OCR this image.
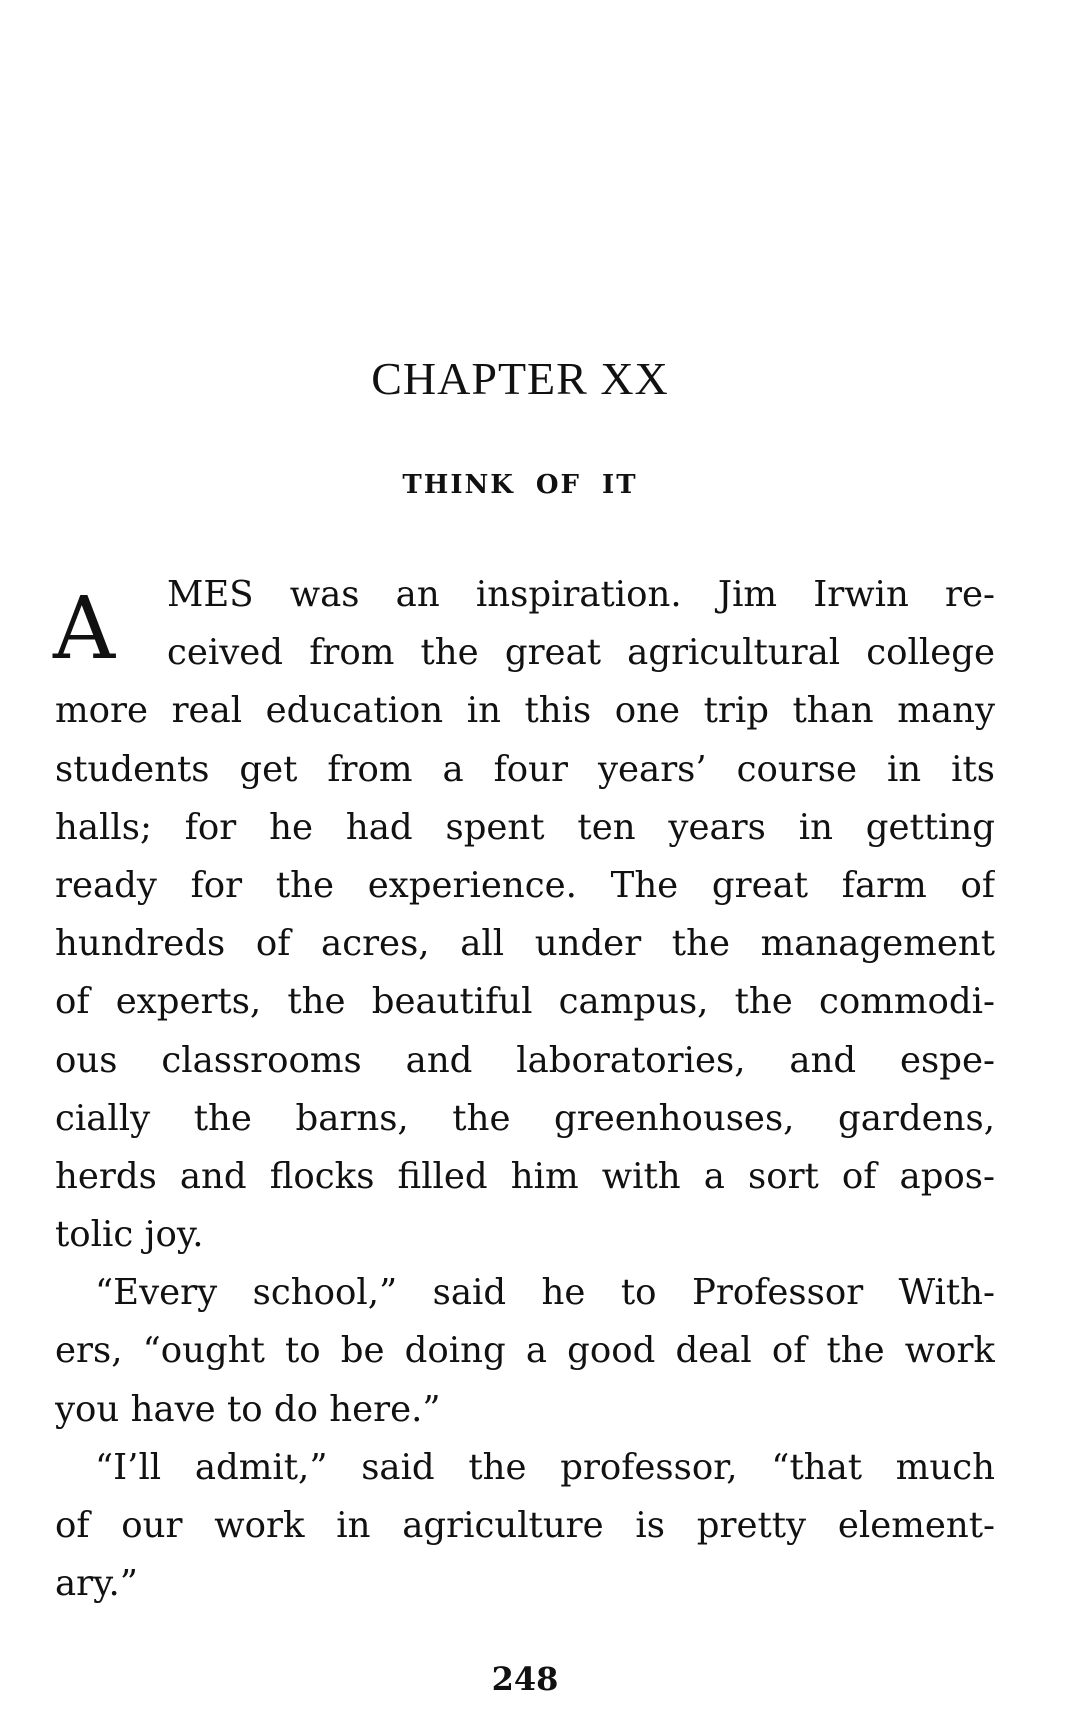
CHAPTER XX
THINK OF IT
A	MES was an inspiration. Jim Irwin re-
ceived from the great agricultural college
more real education in this one trip than many
students get from a four years’ course in its
halls; for he had spent ten years in getting
ready for the experience. The great farm of
hundreds of acres, all under the management
of experts, the beautiful campus, the commodi-
ous classrooms and laboratories, and espe-
cially the barns, the greenhouses, gardens,
herds and flocks filled him with a sort of apos-
tolic joy.
“Every school,” said he to Professor With-
ers, “ought to be doing a good deal of the work
you have to do here.”
“I’ll admit,” said the professor, “that much
of our work in agriculture is pretty element-
ary.”
248
